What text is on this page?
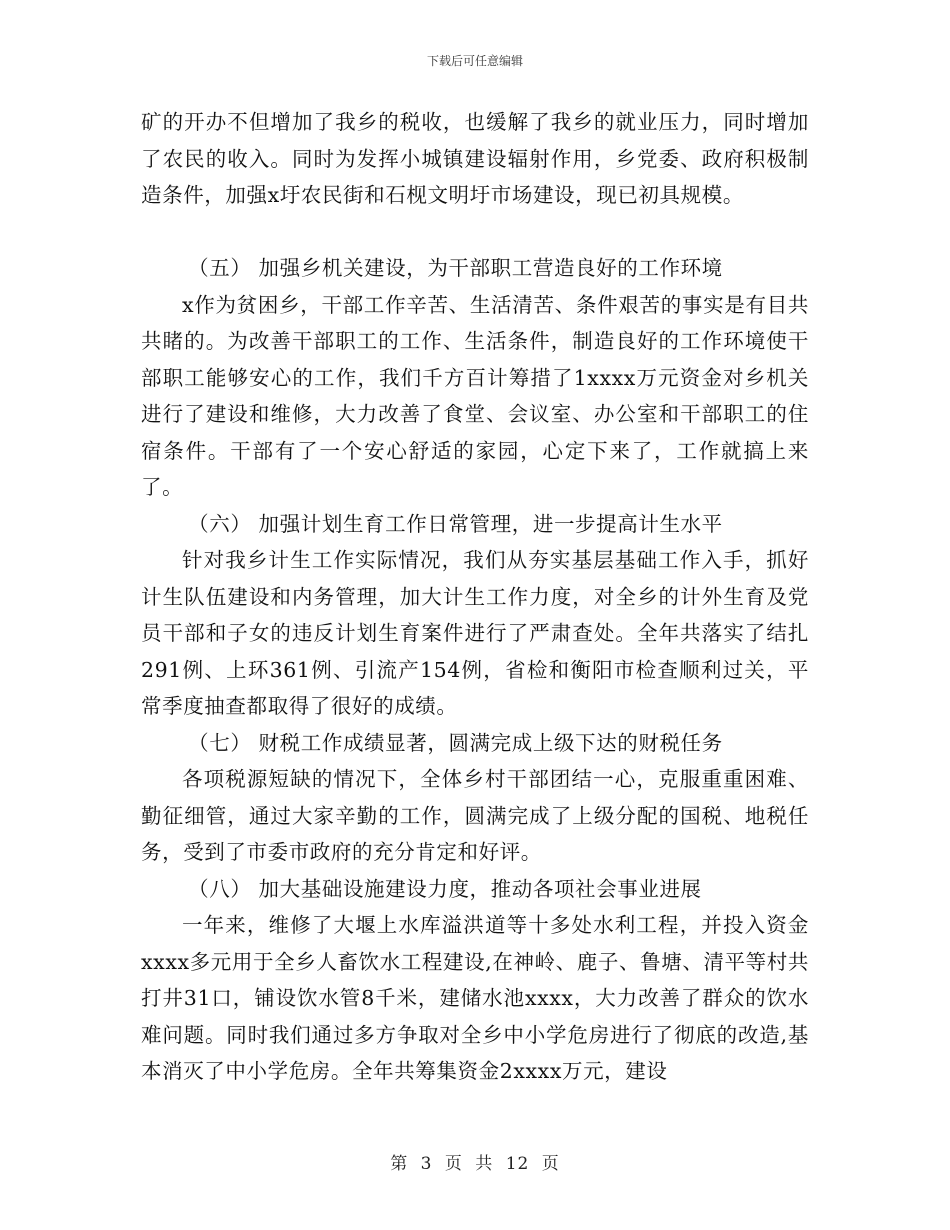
下载后可任意编辑

矿的开办不但增加了我乡的税收，也缓解了我乡的就业压力，同时增加了农民的收入。同时为发挥小城镇建设辐射作用，乡党委、政府积极制造条件，加强x圩农民街和石枧文明圩市场建设，现已初具规模。

（五） 加强乡机关建设，为干部职工营造良好的工作环境

x作为贫困乡，干部工作辛苦、生活清苦、条件艰苦的事实是有目共共睹的。为改善干部职工的工作、生活条件，制造良好的工作环境使干部职工能够安心的工作，我们千方百计筹措了1xxxx万元资金对乡机关进行了建设和维修，大力改善了食堂、会议室、办公室和干部职工的住宿条件。干部有了一个安心舒适的家园，心定下来了，工作就搞上来了。

（六） 加强计划生育工作日常管理，进一步提高计生水平

针对我乡计生工作实际情况，我们从夯实基层基础工作入手，抓好计生队伍建设和内务管理，加大计生工作力度，对全乡的计外生育及党员干部和子女的违反计划生育案件进行了严肃查处。全年共落实了结扎291例、上环361例、引流产154例，省检和衡阳市检查顺利过关，平常季度抽查都取得了很好的成绩。

（七） 财税工作成绩显著，圆满完成上级下达的财税任务

各项税源短缺的情况下，全体乡村干部团结一心，克服重重困难、勤征细管，通过大家辛勤的工作，圆满完成了上级分配的国税、地税任务，受到了市委市政府的充分肯定和好评。

（八） 加大基础设施建设力度，推动各项社会事业进展

一年来，维修了大堰上水库溢洪道等十多处水利工程，并投入资金xxxx多元用于全乡人畜饮水工程建设,在神岭、鹿子、鲁塘、清平等村共打井31口，铺设饮水管8千米，建储水池xxxx，大力改善了群众的饮水难问题。同时我们通过多方争取对全乡中小学危房进行了彻底的改造,基本消灭了中小学危房。全年共筹集资金2xxxx万元，建设

第 3 页 共 12 页
